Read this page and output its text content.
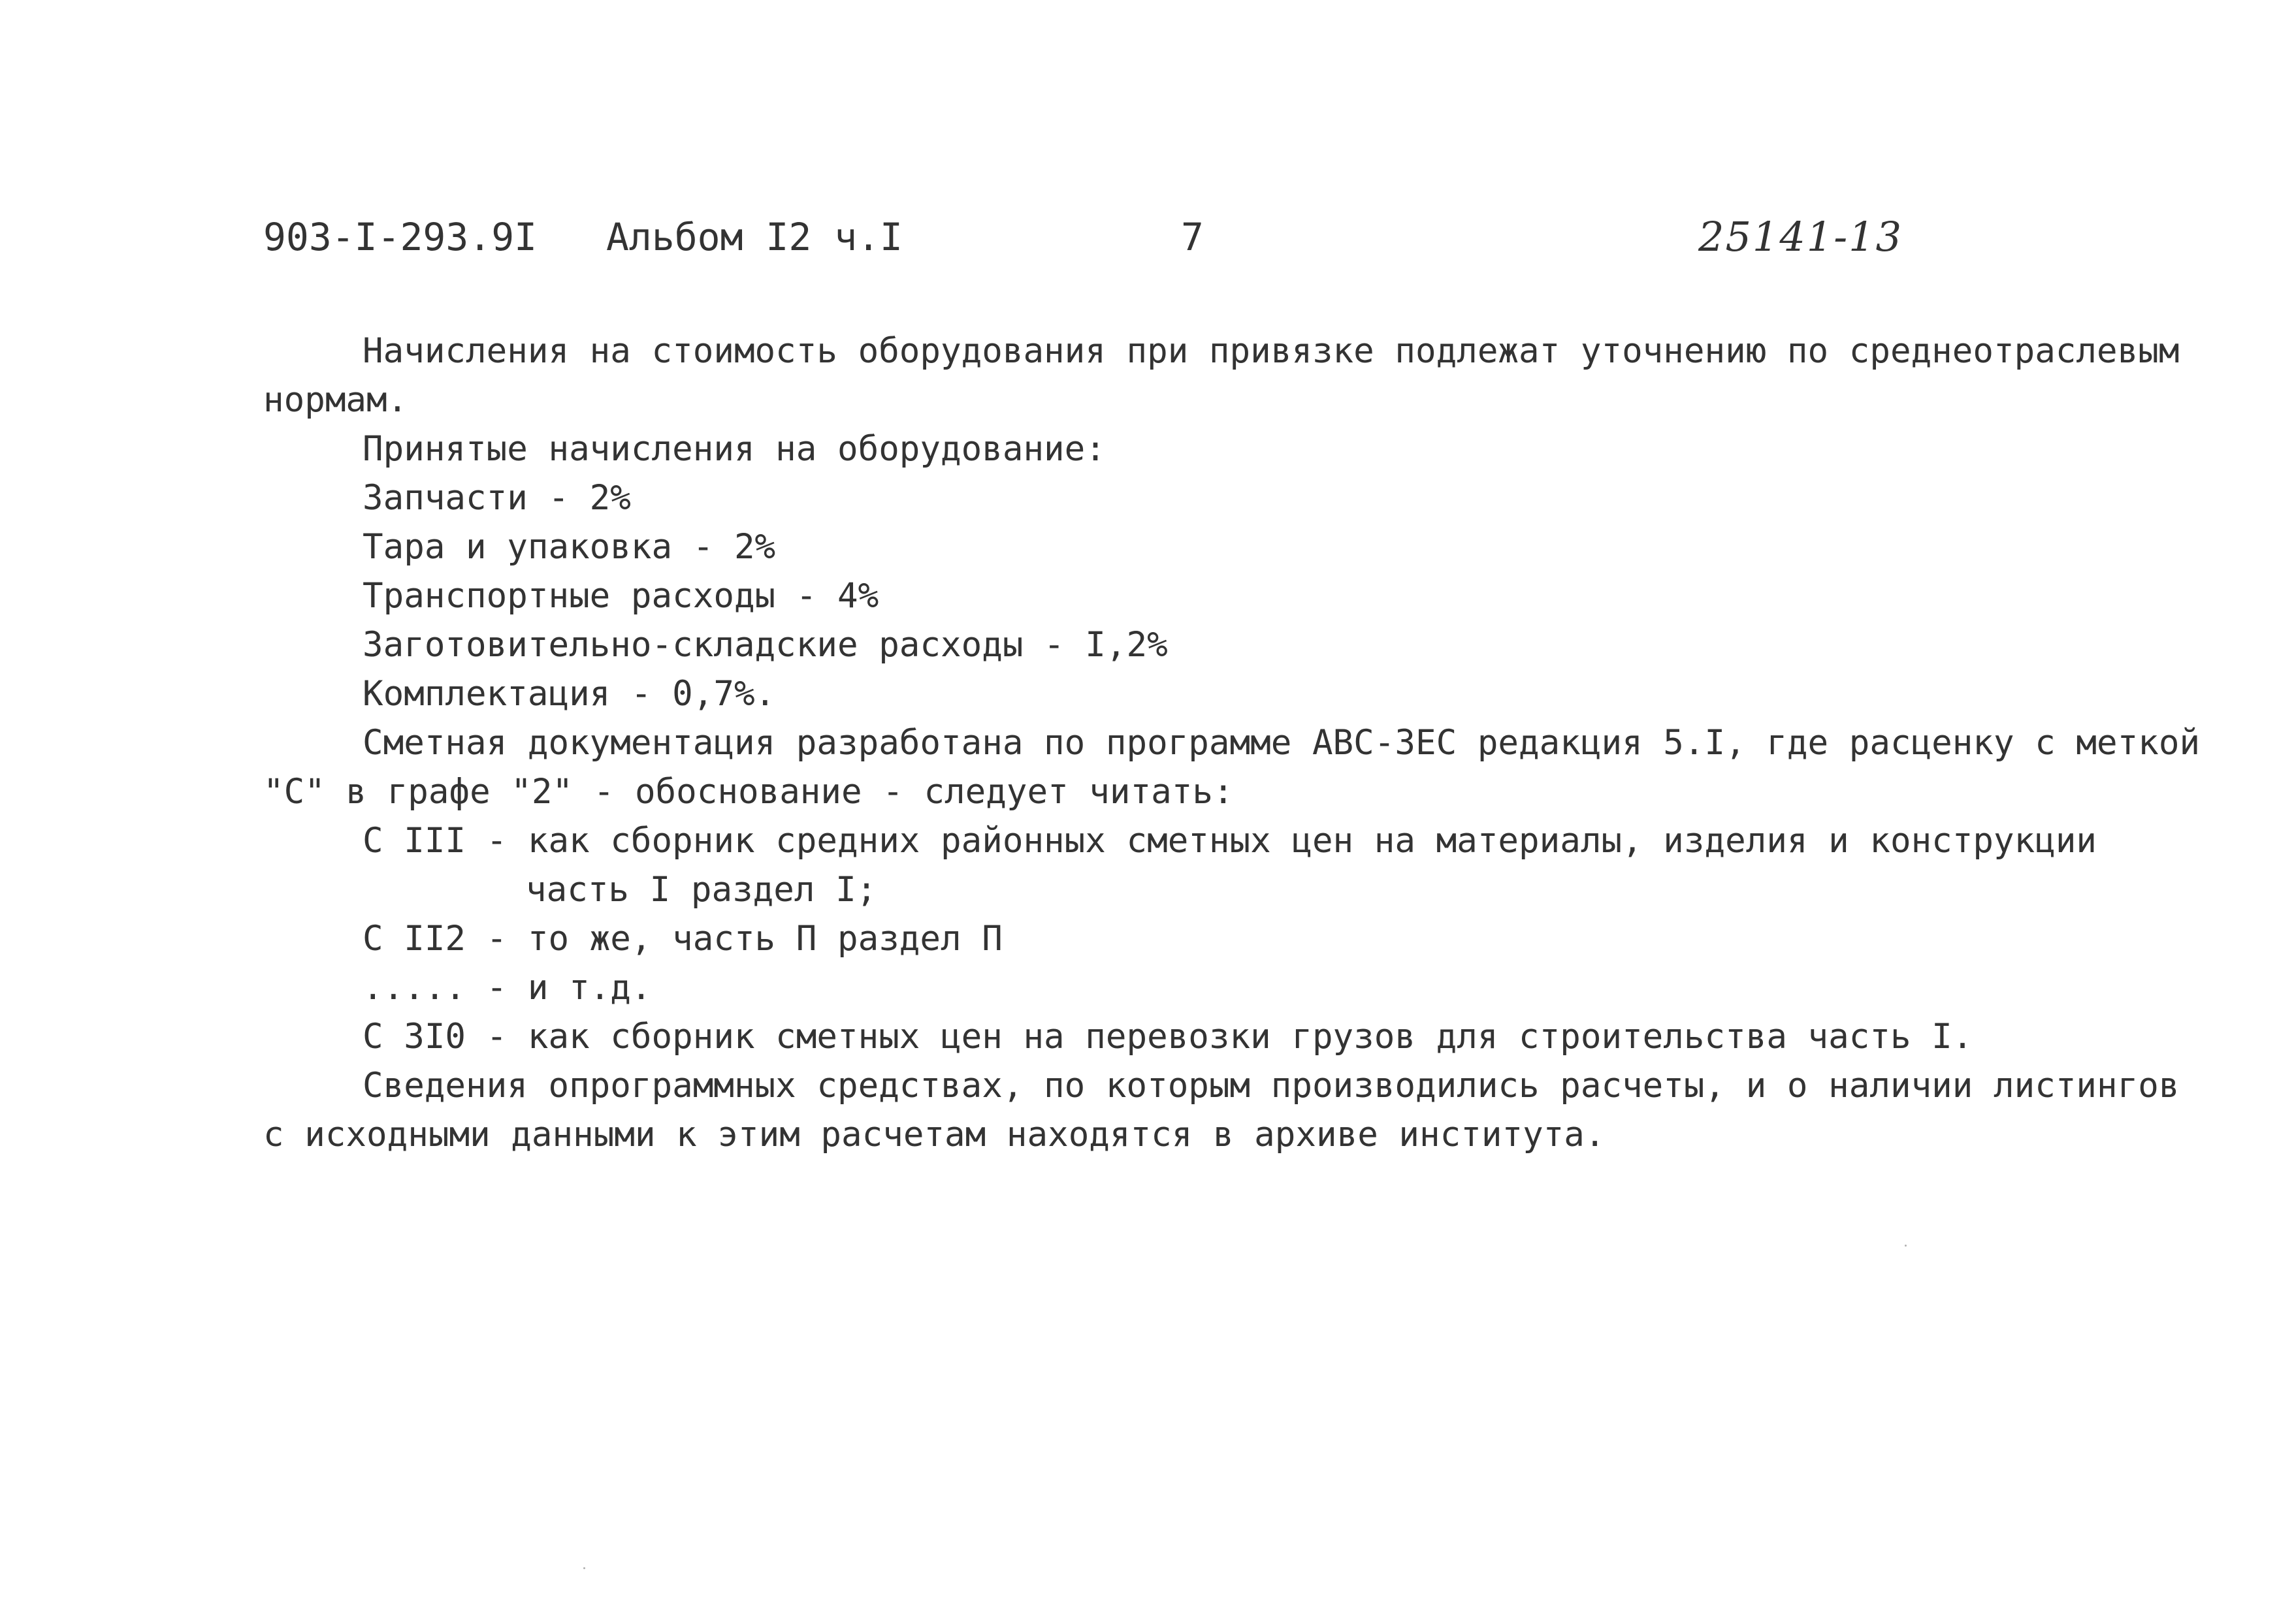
903-I-293.9I Альбом I2 ч.I	7	25141-13
Начисления на стоимость оборудования при привязке подлежат уточнению по среднеотраслевым
нормам.
Принятые начисления на оборудование:
Запчасти - 2%
Тара и упаковка - 2%
Транспортные расходы - 4%
Заготовительно-складские расходы - I,2%
Комплектация - 0,7%.
Сметная документация разработана по программе АВС-ЗЕС редакция 5.I, где расценку с меткой
"С" в графе "2" - обоснование - следует читать:
С III - как сборник средних районных сметных цен на материалы, изделия и конструкции
часть I раздел I;
С II2 - то же, часть П раздел П
..... - и т.д.
С 3I0 - как сборник сметных цен на перевозки грузов для строительства часть I.
Сведения опрограммных средствах, по которым производились расчеты, и о наличии листингов
с исходными данными к этим расчетам находятся в архиве института.
